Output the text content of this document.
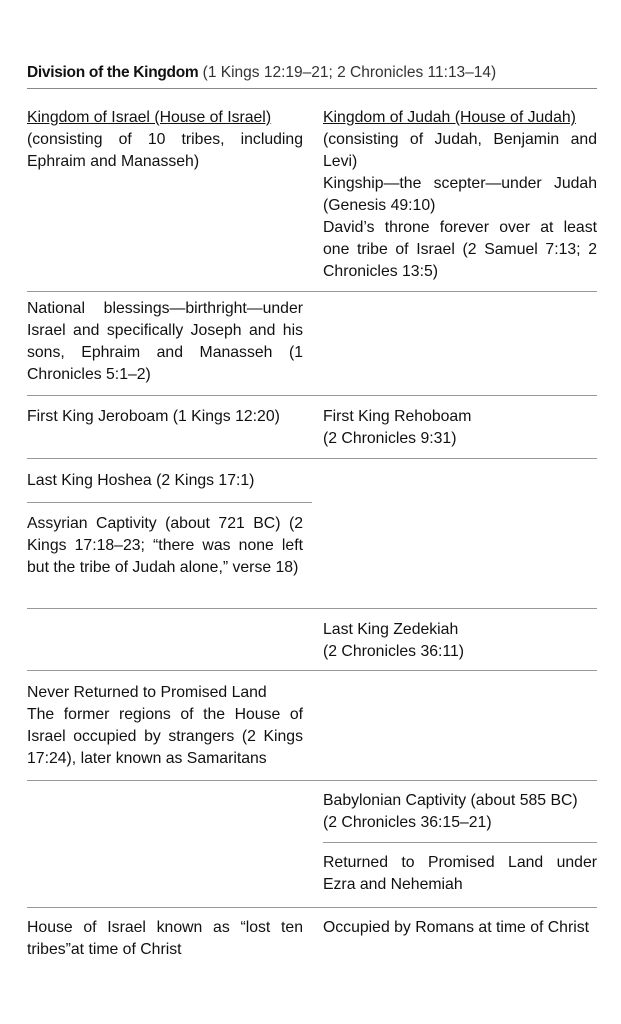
Division of the Kingdom (1 Kings 12:19–21; 2 Chronicles 11:13–14)

Kingdom of Israel (House of Israel)

(consisting of 10 tribes, including Ephraim and Manasseh)

Kingdom of Judah (House of Judah)

(consisting of Judah, Benjamin and Levi)

Kingship—the scepter—under Judah (Genesis 49:10)

David’s throne forever over at least one tribe of Israel (2 Samuel 7:13; 2 Chronicles 13:5)

National blessings—birthright—under Israel and specifically Joseph and his sons, Ephraim and Manasseh (1 Chronicles 5:1–2)

First King Jeroboam (1 Kings 12:20)	First King Rehoboam

(2 Chronicles 9:31)

Last King Hoshea (2 Kings 17:1)

Assyrian Captivity (about 721 BC) (2 Kings 17:18–23; “there was none left but the tribe of Judah alone,” verse 18)

Last King Zedekiah

(2 Chronicles 36:11)

Never Returned to Promised Land

The former regions of the House of Israel occupied by strangers (2 Kings 17:24), later known as Samaritans

Babylonian Captivity (about 585 BC)

(2 Chronicles 36:15–21)

Returned to Promised Land under Ezra and Nehemiah

House of Israel known as “lost ten tribes”at time of Christ

Occupied by Romans at time of Christ
